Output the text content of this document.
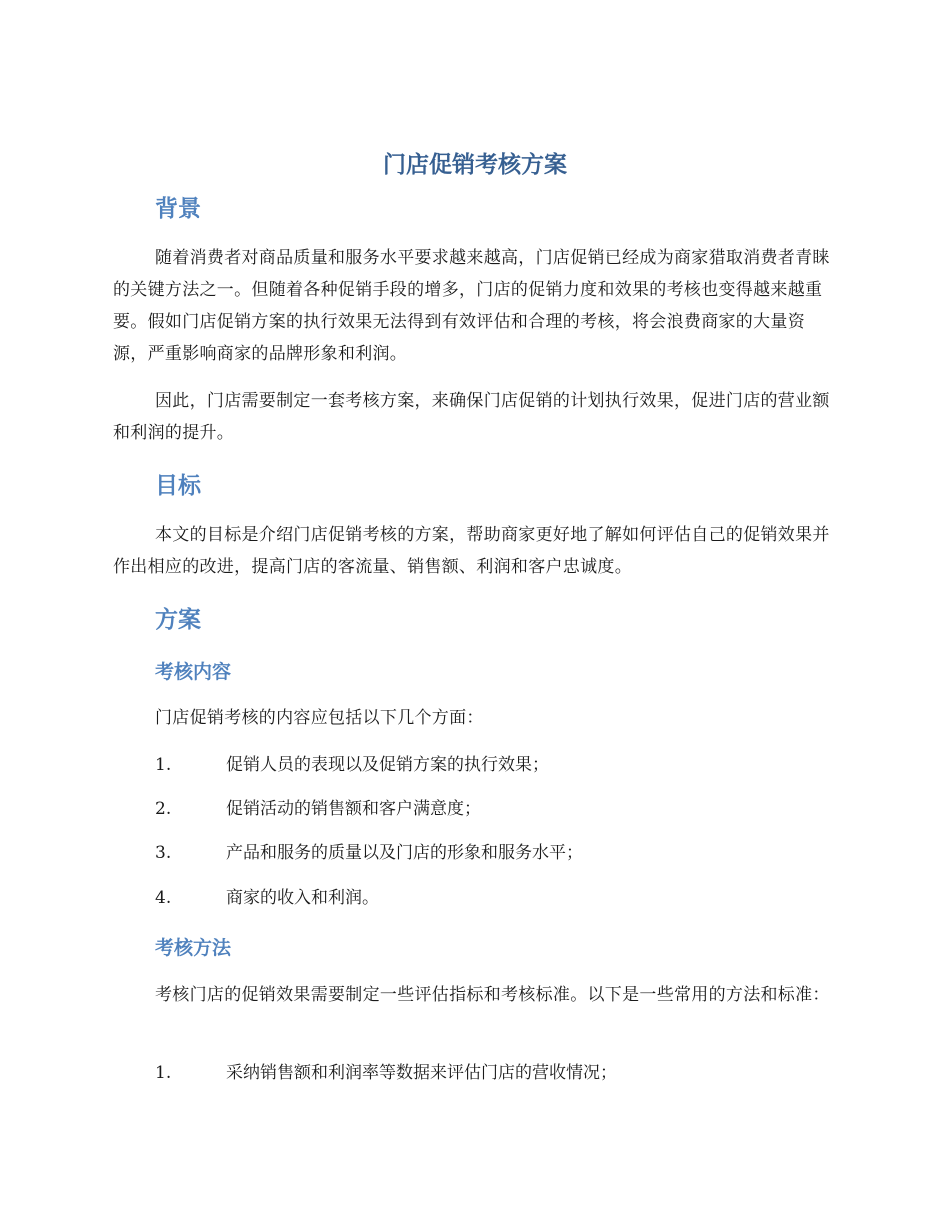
门店促销考核方案
背景

随着消费者对商品质量和服务水平要求越来越高，门店促销已经成为商家猎取消费者青睐的关键方法之一。但随着各种促销手段的增多，门店的促销力度和效果的考核也变得越来越重要。假如门店促销方案的执行效果无法得到有效评估和合理的考核，将会浪费商家的大量资源，严重影响商家的品牌形象和利润。

因此，门店需要制定一套考核方案，来确保门店促销的计划执行效果，促进门店的营业额和利润的提升。

目标

本文的目标是介绍门店促销考核的方案，帮助商家更好地了解如何评估自己的促销效果并作出相应的改进，提高门店的客流量、销售额、利润和客户忠诚度。

方案
考核内容

门店促销考核的内容应包括以下几个方面：

1.	促销人员的表现以及促销方案的执行效果；

2.	促销活动的销售额和客户满意度；

3.	产品和服务的质量以及门店的形象和服务水平；

4.	商家的收入和利润。

考核方法

考核门店的促销效果需要制定一些评估指标和考核标准。以下是一些常用的方法和标准：

1.	采纳销售额和利润率等数据来评估门店的营收情况；
